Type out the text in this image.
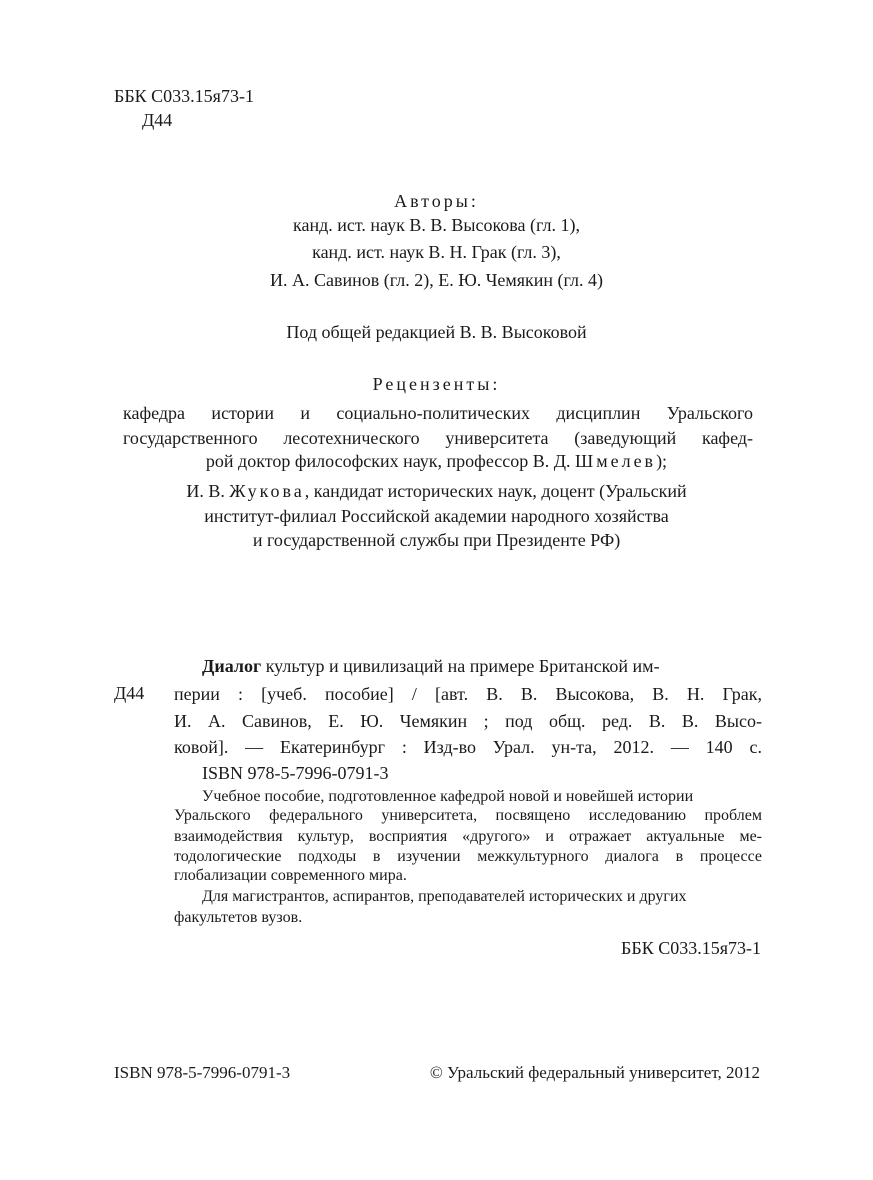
ББК С033.15я73-1
Д44
Авторы:
канд. ист. наук В. В. Высокова (гл. 1),
канд. ист. наук В. Н. Грак (гл. 3),
И. А. Савинов (гл. 2), Е. Ю. Чемякин (гл. 4)
Под общей редакцией В. В. Высоковой
Рецензенты:
кафедра истории и социально-политических дисциплин Уральского
государственного лесотехнического университета (заведующий кафед-
рой доктор философских наук, профессор В. Д. Шмелев);
И. В. Жукова, кандидат исторических наук, доцент (Уральский
институт-филиал Российской академии народного хозяйства
и государственной службы при Президенте РФ)
Д44
Диалог культур и цивилизаций на примере Британской им-
перии : [учеб. пособие] / [авт. В. В. Высокова, В. Н. Грак,
И. А. Савинов, Е. Ю. Чемякин ; под общ. ред. В. В. Высо-
ковой]. — Екатеринбург : Изд-во Урал. ун-та, 2012. — 140 с.
ISBN 978-5-7996-0791-3
Учебное пособие, подготовленное кафедрой новой и новейшей истории
Уральского федерального университета, посвящено исследованию проблем
взаимодействия культур, восприятия «другого» и отражает актуальные ме-
тодологические подходы в изучении межкультурного диалога в процессе
глобализации современного мира.
Для магистрантов, аспирантов, преподавателей исторических и других
факультетов вузов.
ББК С033.15я73-1
ISBN 978-5-7996-0791-3	© Уральский федеральный университет, 2012
